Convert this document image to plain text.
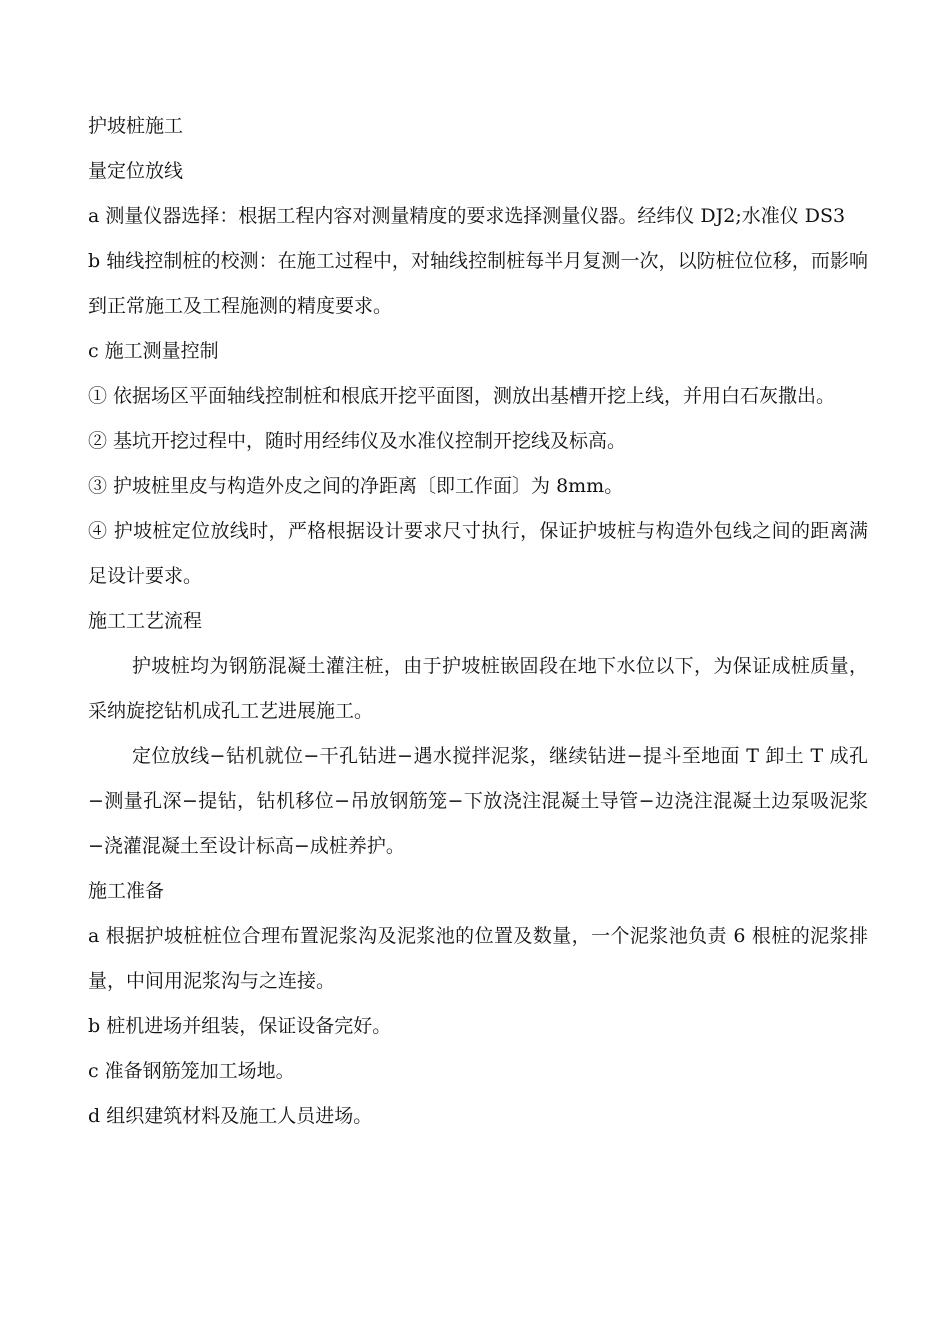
护坡桩施工

量定位放线

a 测量仪器选择：根据工程内容对测量精度的要求选择测量仪器。经纬仪 DJ2;水准仪 DS3

b 轴线控制桩的校测：在施工过程中，对轴线控制桩每半月复测一次，以防桩位位移，而影响到正常施工及工程施测的精度要求。

c 施工测量控制

① 依据场区平面轴线控制桩和根底开挖平面图，测放出基槽开挖上线，并用白石灰撒出。

② 基坑开挖过程中，随时用经纬仪及水准仪控制开挖线及标高。

③ 护坡桩里皮与构造外皮之间的净距离〔即工作面〕为 8mm。

④ 护坡桩定位放线时，严格根据设计要求尺寸执行，保证护坡桩与构造外包线之间的距离满足设计要求。

施工工艺流程

护坡桩均为钢筋混凝土灌注桩，由于护坡桩嵌固段在地下水位以下，为保证成桩质量，采纳旋挖钻机成孔工艺进展施工。

定位放线−钻机就位−干孔钻进−遇水搅拌泥浆，继续钻进−提斗至地面 T 卸土 T 成孔−测量孔深−提钻，钻机移位−吊放钢筋笼−下放浇注混凝土导管−边浇注混凝土边泵吸泥浆−浇灌混凝土至设计标高−成桩养护。

施工准备

a 根据护坡桩桩位合理布置泥浆沟及泥浆池的位置及数量，一个泥浆池负责 6 根桩的泥浆排量，中间用泥浆沟与之连接。

b 桩机进场并组装，保证设备完好。

c 准备钢筋笼加工场地。

d 组织建筑材料及施工人员进场。
